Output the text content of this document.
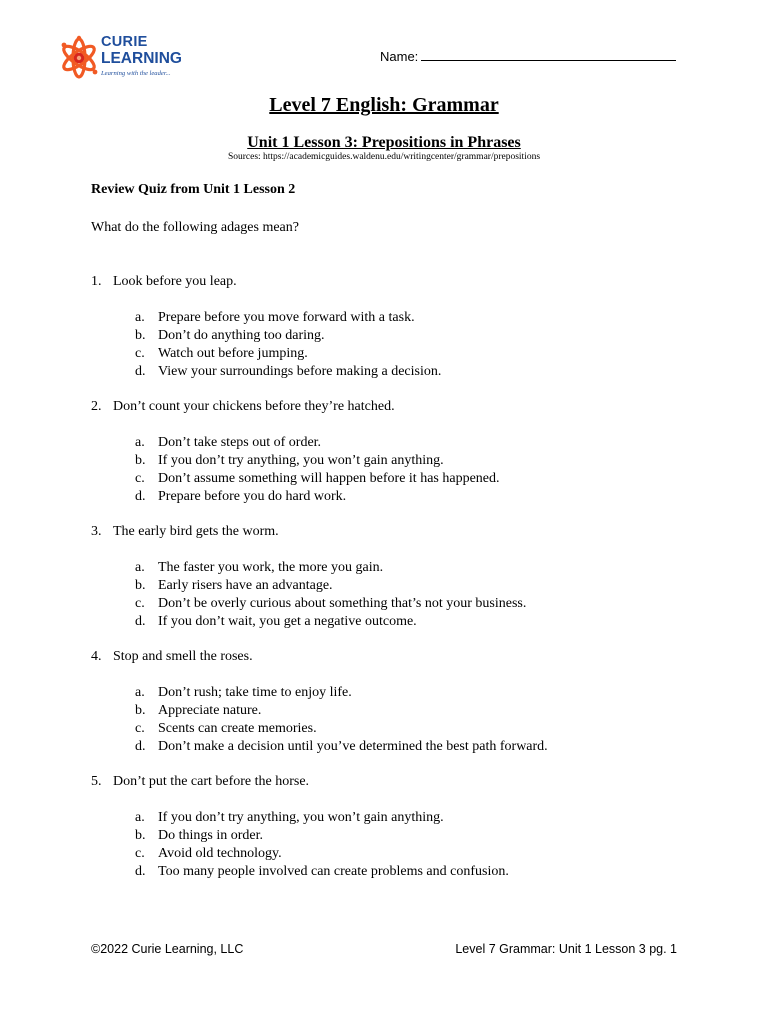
CURIE
LEARNING
Learning with the leader...
Name:
Level 7 English: Grammar
Unit 1 Lesson 3: Prepositions in Phrases
Sources: https://academicguides.waldenu.edu/writingcenter/grammar/prepositions
Review Quiz from Unit 1 Lesson 2
What do the following adages mean?
1. Look before you leap.
a. Prepare before you move forward with a task.
b. Don’t do anything too daring.
c. Watch out before jumping.
d. View your surroundings before making a decision.
2. Don’t count your chickens before they’re hatched.
a. Don’t take steps out of order.
b. If you don’t try anything, you won’t gain anything.
c. Don’t assume something will happen before it has happened.
d. Prepare before you do hard work.
3. The early bird gets the worm.
a. The faster you work, the more you gain.
b. Early risers have an advantage.
c. Don’t be overly curious about something that’s not your business.
d. If you don’t wait, you get a negative outcome.
4. Stop and smell the roses.
a. Don’t rush; take time to enjoy life.
b. Appreciate nature.
c. Scents can create memories.
d. Don’t make a decision until you’ve determined the best path forward.
5. Don’t put the cart before the horse.
a. If you don’t try anything, you won’t gain anything.
b. Do things in order.
c. Avoid old technology.
d. Too many people involved can create problems and confusion.
©2022 Curie Learning, LLC	Level 7 Grammar: Unit 1 Lesson 3 pg. 1
